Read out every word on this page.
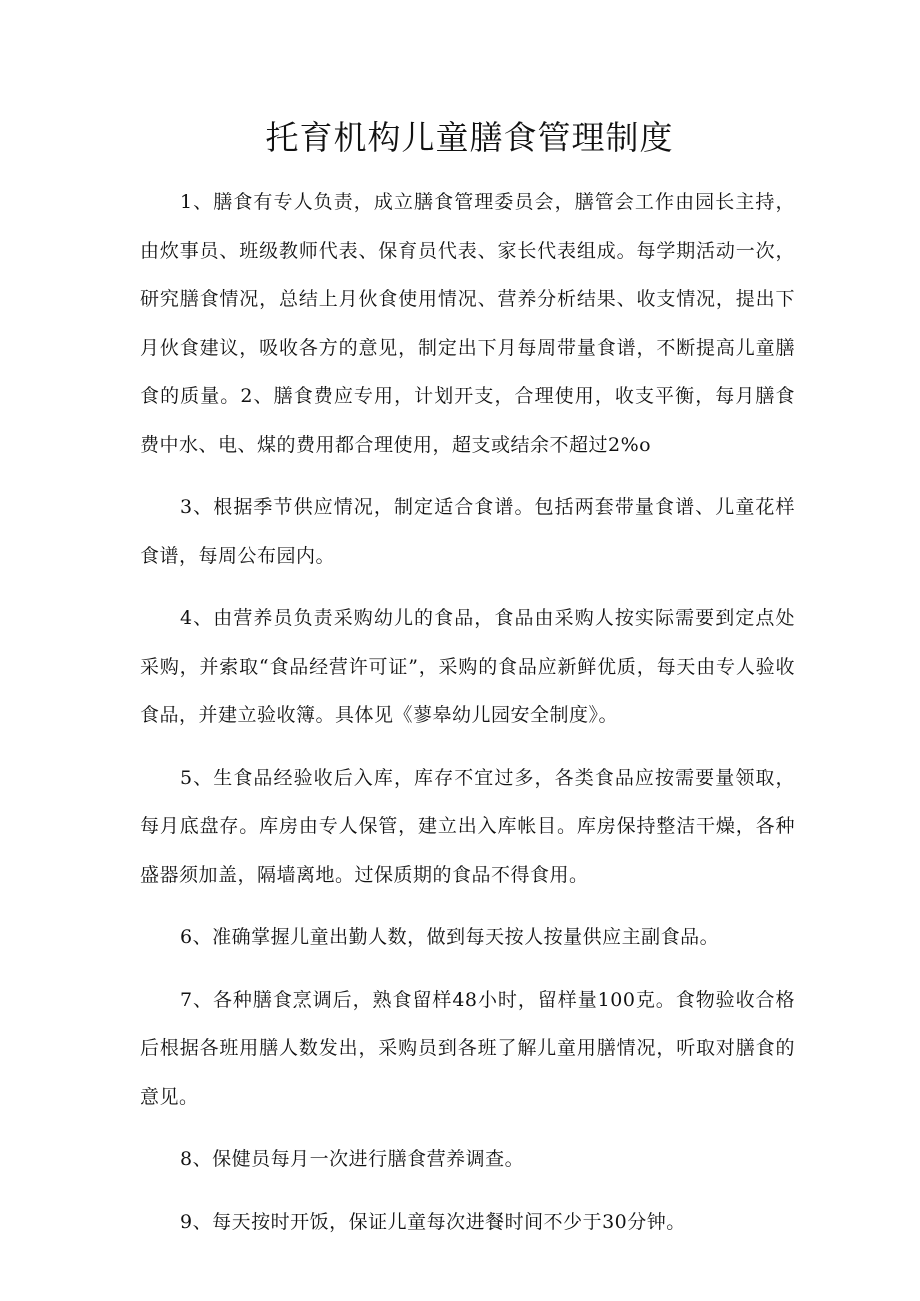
托育机构儿童膳食管理制度

1、膳食有专人负责，成立膳食管理委员会，膳管会工作由园长主持，由炊事员、班级教师代表、保育员代表、家长代表组成。每学期活动一次，研究膳食情况，总结上月伙食使用情况、营养分析结果、收支情况，提出下月伙食建议，吸收各方的意见，制定出下月每周带量食谱，不断提高儿童膳食的质量。2、膳食费应专用，计划开支，合理使用，收支平衡，每月膳食费中水、电、煤的费用都合理使用，超支或结余不超过2%o

3、根据季节供应情况，制定适合食谱。包括两套带量食谱、儿童花样食谱，每周公布园内。

4、由营养员负责采购幼儿的食品，食品由采购人按实际需要到定点处采购，并索取“食品经营许可证”，采购的食品应新鲜优质，每天由专人验收食品，并建立验收簿。具体见《蓼皋幼儿园安全制度》。

5、生食品经验收后入库，库存不宜过多，各类食品应按需要量领取，每月底盘存。库房由专人保管，建立出入库帐目。库房保持整洁干燥，各种盛器须加盖，隔墙离地。过保质期的食品不得食用。

6、准确掌握儿童出勤人数，做到每天按人按量供应主副食品。

7、各种膳食烹调后，熟食留样48小时，留样量100克。食物验收合格后根据各班用膳人数发出，采购员到各班了解儿童用膳情况，听取对膳食的意见。

8、保健员每月一次进行膳食营养调查。

9、每天按时开饭，保证儿童每次进餐时间不少于30分钟。
